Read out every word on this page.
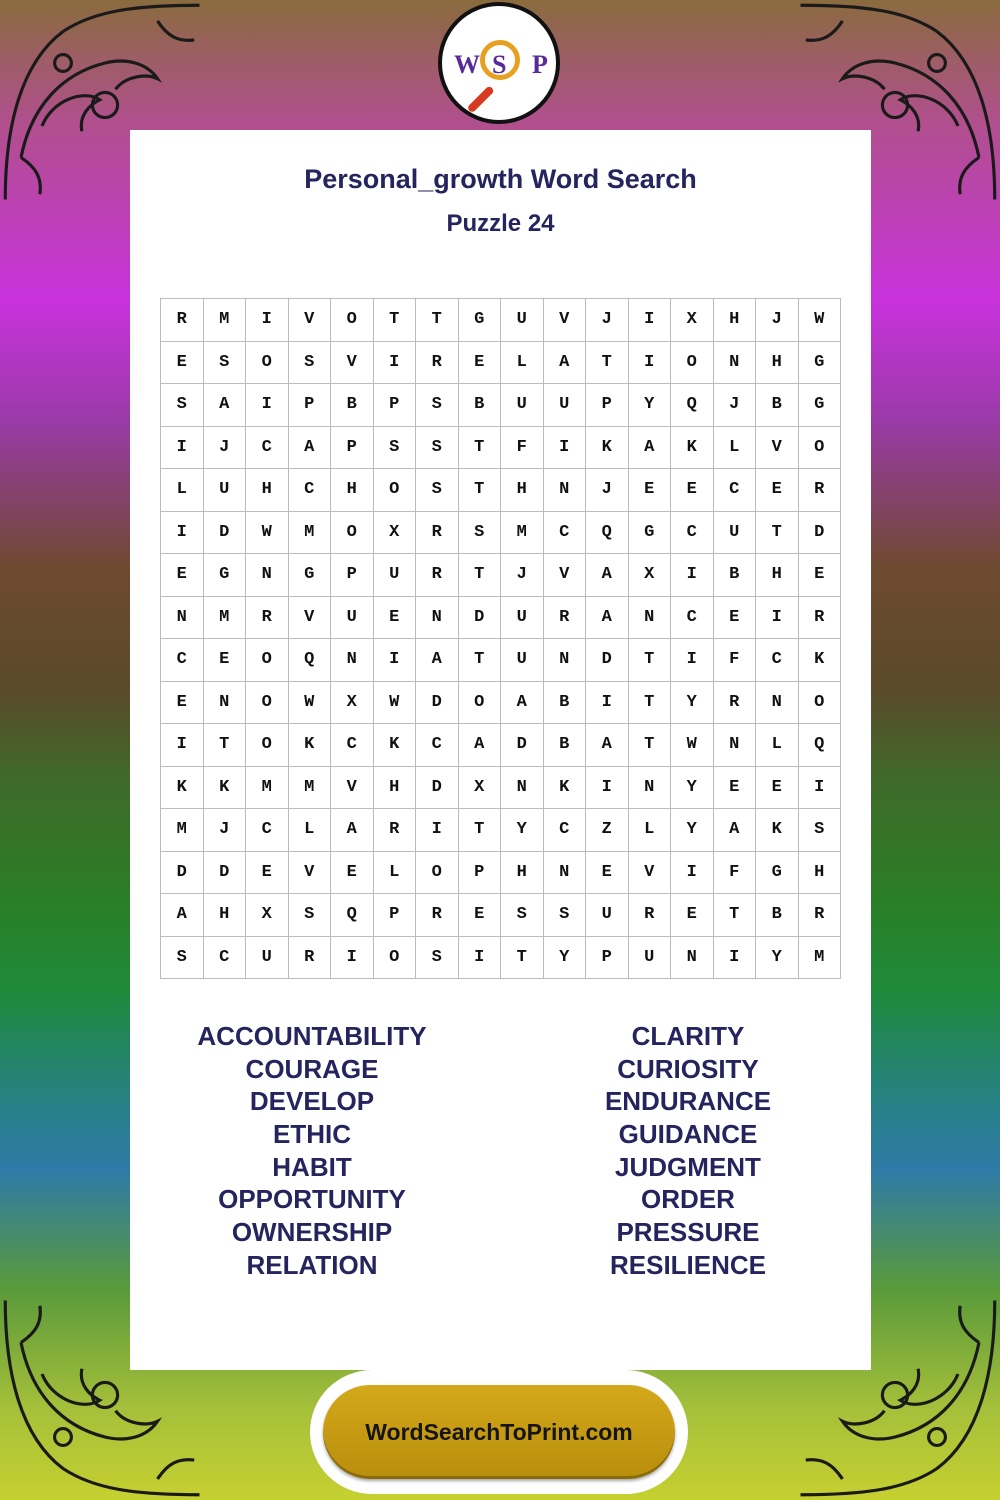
W S P
Personal_growth Word Search
Puzzle 24
R	M	I	V	O	T	T	G	U	V	J	I	X	H	J	W
E	S	O	S	V	I	R	E	L	A	T	I	O	N	H	G
S	A	I	P	B	P	S	B	U	U	P	Y	Q	J	B	G
I	J	C	A	P	S	S	T	F	I	K	A	K	L	V	O
L	U	H	C	H	O	S	T	H	N	J	E	E	C	E	R
I	D	W	M	O	X	R	S	M	C	Q	G	C	U	T	D
E	G	N	G	P	U	R	T	J	V	A	X	I	B	H	E
N	M	R	V	U	E	N	D	U	R	A	N	C	E	I	R
C	E	O	Q	N	I	A	T	U	N	D	T	I	F	C	K
E	N	O	W	X	W	D	O	A	B	I	T	Y	R	N	O
I	T	O	K	C	K	C	A	D	B	A	T	W	N	L	Q
K	K	M	M	V	H	D	X	N	K	I	N	Y	E	E	I
M	J	C	L	A	R	I	T	Y	C	Z	L	Y	A	K	S
D	D	E	V	E	L	O	P	H	N	E	V	I	F	G	H
A	H	X	S	Q	P	R	E	S	S	U	R	E	T	B	R
S	C	U	R	I	O	S	I	T	Y	P	U	N	I	Y	M
ACCOUNTABILITY
COURAGE
DEVELOP
ETHIC
HABIT
OPPORTUNITY
OWNERSHIP
RELATION
CLARITY
CURIOSITY
ENDURANCE
GUIDANCE
JUDGMENT
ORDER
PRESSURE
RESILIENCE
WordSearchToPrint.com
